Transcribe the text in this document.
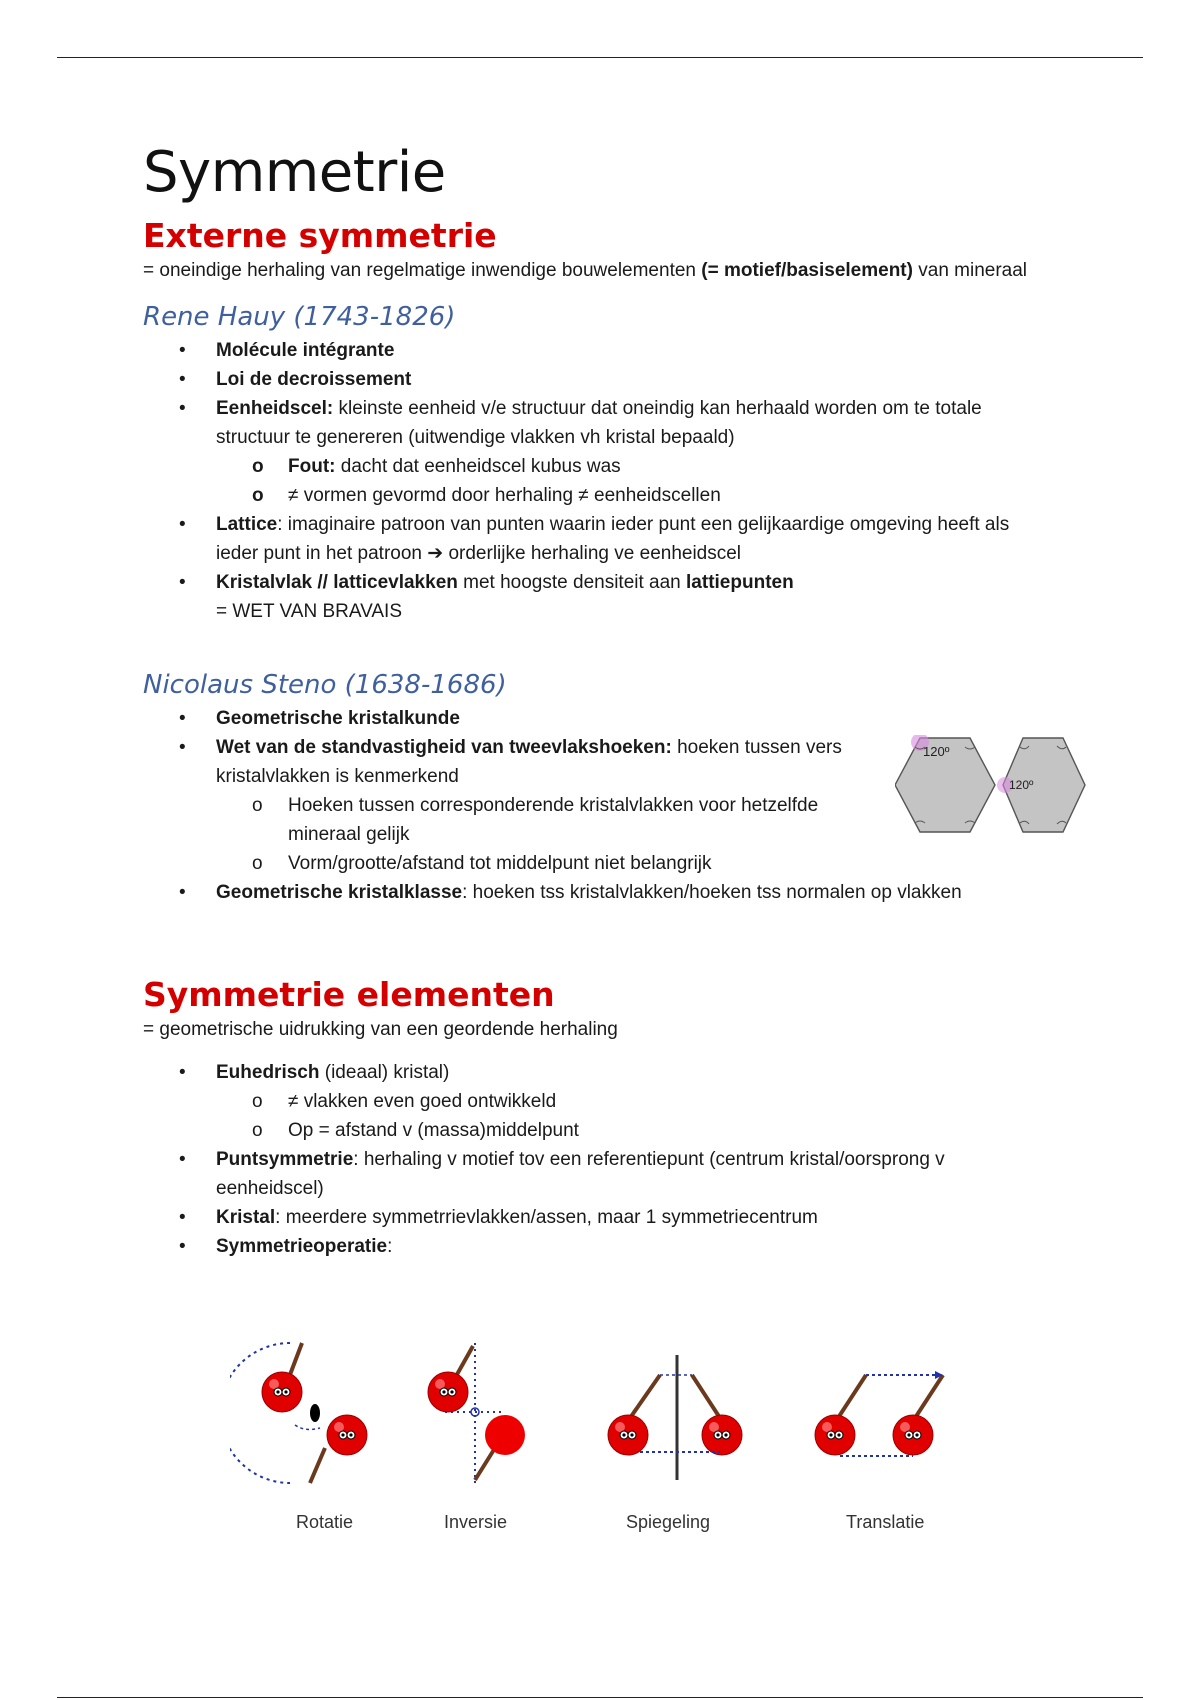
Symmetrie
Externe symmetrie

= oneindige herhaling van regelmatige inwendige bouwelementen (= motief/basiselement) van mineraal

Rene Hauy (1743-1826)
• Molécule intégrante
• Loi de decroissement
• Eenheidscel: kleinste eenheid v/e structuur dat oneindig kan herhaald worden om te totale structuur te genereren (uitwendige vlakken vh kristal bepaald)
o Fout: dacht dat eenheidscel kubus was
o ≠ vormen gevormd door herhaling ≠ eenheidscellen
• Lattice: imaginaire patroon van punten waarin ieder punt een gelijkaardige omgeving heeft als ieder punt in het patroon ➔ orderlijke herhaling ve eenheidscel
• Kristalvlak // latticevlakken met hoogste densiteit aan lattiepunten
= WET VAN BRAVAIS
Nicolaus Steno (1638-1686)
• Geometrische kristalkunde
• Wet van de standvastigheid van tweevlakshoeken: hoeken tussen vers kristalvlakken is kenmerkend
o Hoeken tussen corresponderende kristalvlakken voor hetzelfde mineraal gelijk
o Vorm/grootte/afstand tot middelpunt niet belangrijk
• Geometrische kristalklasse: hoeken tss kristalvlakken/hoeken tss normalen op vlakken
Symmetrie elementen

= geometrische uidrukking van een geordende herhaling

• Euhedrisch (ideaal) kristal)
o ≠ vlakken even goed ontwikkeld
o Op = afstand v (massa)middelpunt
• Puntsymmetrie: herhaling v motief tov een referentiepunt (centrum kristal/oorsprong v eenheidscel)
• Kristal: meerdere symmetrrievlakken/assen, maar 1 symmetriecentrum
• Symmetrieoperatie:
120º
120º
Rotatie	Inversie	Spiegeling	Translatie
